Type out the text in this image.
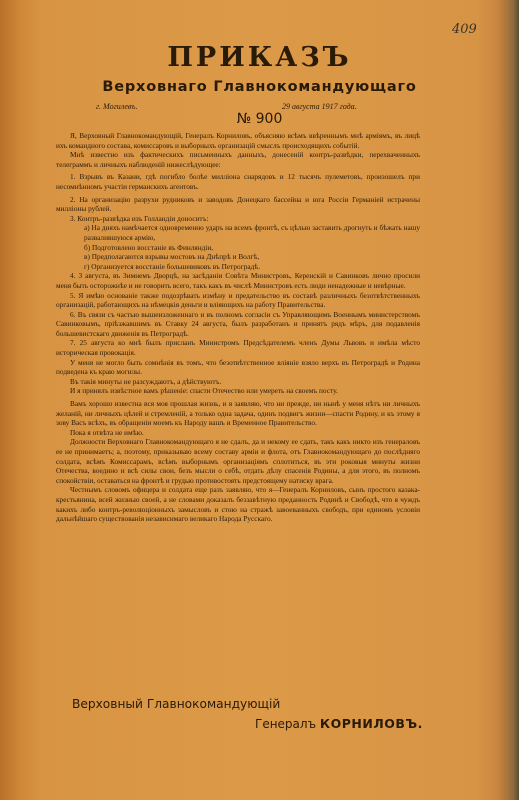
409
ПРИКАЗЪ
Верховнаго Главнокомандующаго
г. Могилевъ.	29 августа 1917 года.
№ 900

Я, Верховный Главнокомандующій, Генералъ Корниловъ, объясняю всѣмъ ввѣреннымъ мнѣ арміямъ, въ лицѣ ихъ командного состава, комиссаровъ и выборныхъ организацій смыслъ происходящихъ событій.

Мнѣ известно изъ фактическихъ письменныхъ данныхъ, донесеній контръ-развѣдки, перехваченныхъ телеграммъ и личныхъ наблюденій нижеслѣдующее:

1. Взрывъ въ Казани, гдѣ погибло болѣе милліона снарядовъ и 12 тысячъ пулеметовъ, произошелъ при несомнѣнномъ участіи германскихъ агентовъ.

2. На организацію разрухи рудниковъ и заводовъ Донецкаго бассейна и юга Россіи Германіей истрачены милліоны рублей.

3. Контръ-развѣдка изъ Голландіи доноситъ:

а) На дняхъ намѣчается одновременно ударъ на всемъ фронтѣ, съ цѣлью заставить дрогнуть и бѣжать нашу развалившуюся армію,

б) Подготовлено восстаніе въ Финляндіи,

в) Предполагаются взрывы мостовъ на Днѣпрѣ и Волгѣ,

г) Организуется восстаніе большевиковъ въ Петроградѣ.

4. 3 августа, въ Зимнемъ Дворцѣ, на засѣданіи Совѣта Министровъ, Керенскій и Савинковъ лично просили меня быть осторожнѣе и не говорить всего, такъ какъ въ числѣ Министровъ есть люди ненадежные и невѣрные.

5. Я имѣю основаніе также подозрѣвать измѣну и предательство въ составѣ различныхъ безотвѣтственныхъ организацій, работающихъ на нѣмецкія деньги и вліяющихъ на работу Правительства.

6. Въ связи съ частью вышеизложеннаго и въ полномъ согласіи съ Управляющимъ Военнымъ министерствомъ Савинковымъ, пріѣзжавшимъ въ Ставку 24 августа, былъ разработанъ и принятъ рядъ мѣръ, для подавленія большевистскаго движенія въ Петроградѣ.

7. 25 августа ко мнѣ былъ присланъ Министромъ Предсѣдателемъ членъ Думы Львовъ и имѣла мѣсто историческая провокація.

У меня не могло быть сомнѣнія въ томъ, что безотвѣтственное вліяніе взяло верхъ въ Петроградѣ и Родина подведена къ краю могилы.

Въ такія минуты не разсуждаютъ, а дѣйствуютъ.

И я принялъ извѣстное вамъ рѣшеніе: спасти Отечество или умереть на своемъ посту.

Вамъ хорошо известна вся моя прошлая жизнь, и я заявляю, что ни прежде, ни нынѣ у меня нѣтъ ни личныхъ желаній, ни личныхъ цѣлей и стремленій, а только одна задача, одинъ подвигъ жизни—спасти Родину, и къ этому я зову Васъ всѣхъ, въ обращеніи моемъ къ Народу вашъ и Временное Правительство.

Пока я отвѣта не имѣю.

Должности Верховнаго Главнокомандующаго я не сдалъ, да и некому ее сдать, такъ какъ никто изъ генераловъ ее не принимаетъ; а, поэтому, приказываю всему составу арміи и флота, отъ Главнокомандующаго до послѣдняго солдата, всѣмъ Комиссарамъ, всѣмъ выборнымъ организаціямъ сплотиться, въ эти роковыя минуты жизни Отечества, воедино и всѣ силы свои, безъ мысли о себѣ, отдать дѣлу спасенія Родины, а для этого, въ полномъ спокойствіи, оставаться на фронтѣ и грудью противостоять предстоящему натиску врага.

Честнымъ словомъ офицера и солдата еще разъ заявляю, что я—Генералъ Корниловъ, сынъ простого казака-крестьянина, всей жизнью своей, а не словами доказалъ беззавѣтную преданность Родинѣ и Свободѣ, что я чуждъ какихъ либо контръ-революціонныхъ замысловъ и стою на стражѣ завоеванныхъ свободъ, при единомъ условіи дальнѣйшаго существованія независимаго великаго Народа Русскаго.

Верховный Главнокомандующій
Генералъ КОРНИЛОВЪ.
